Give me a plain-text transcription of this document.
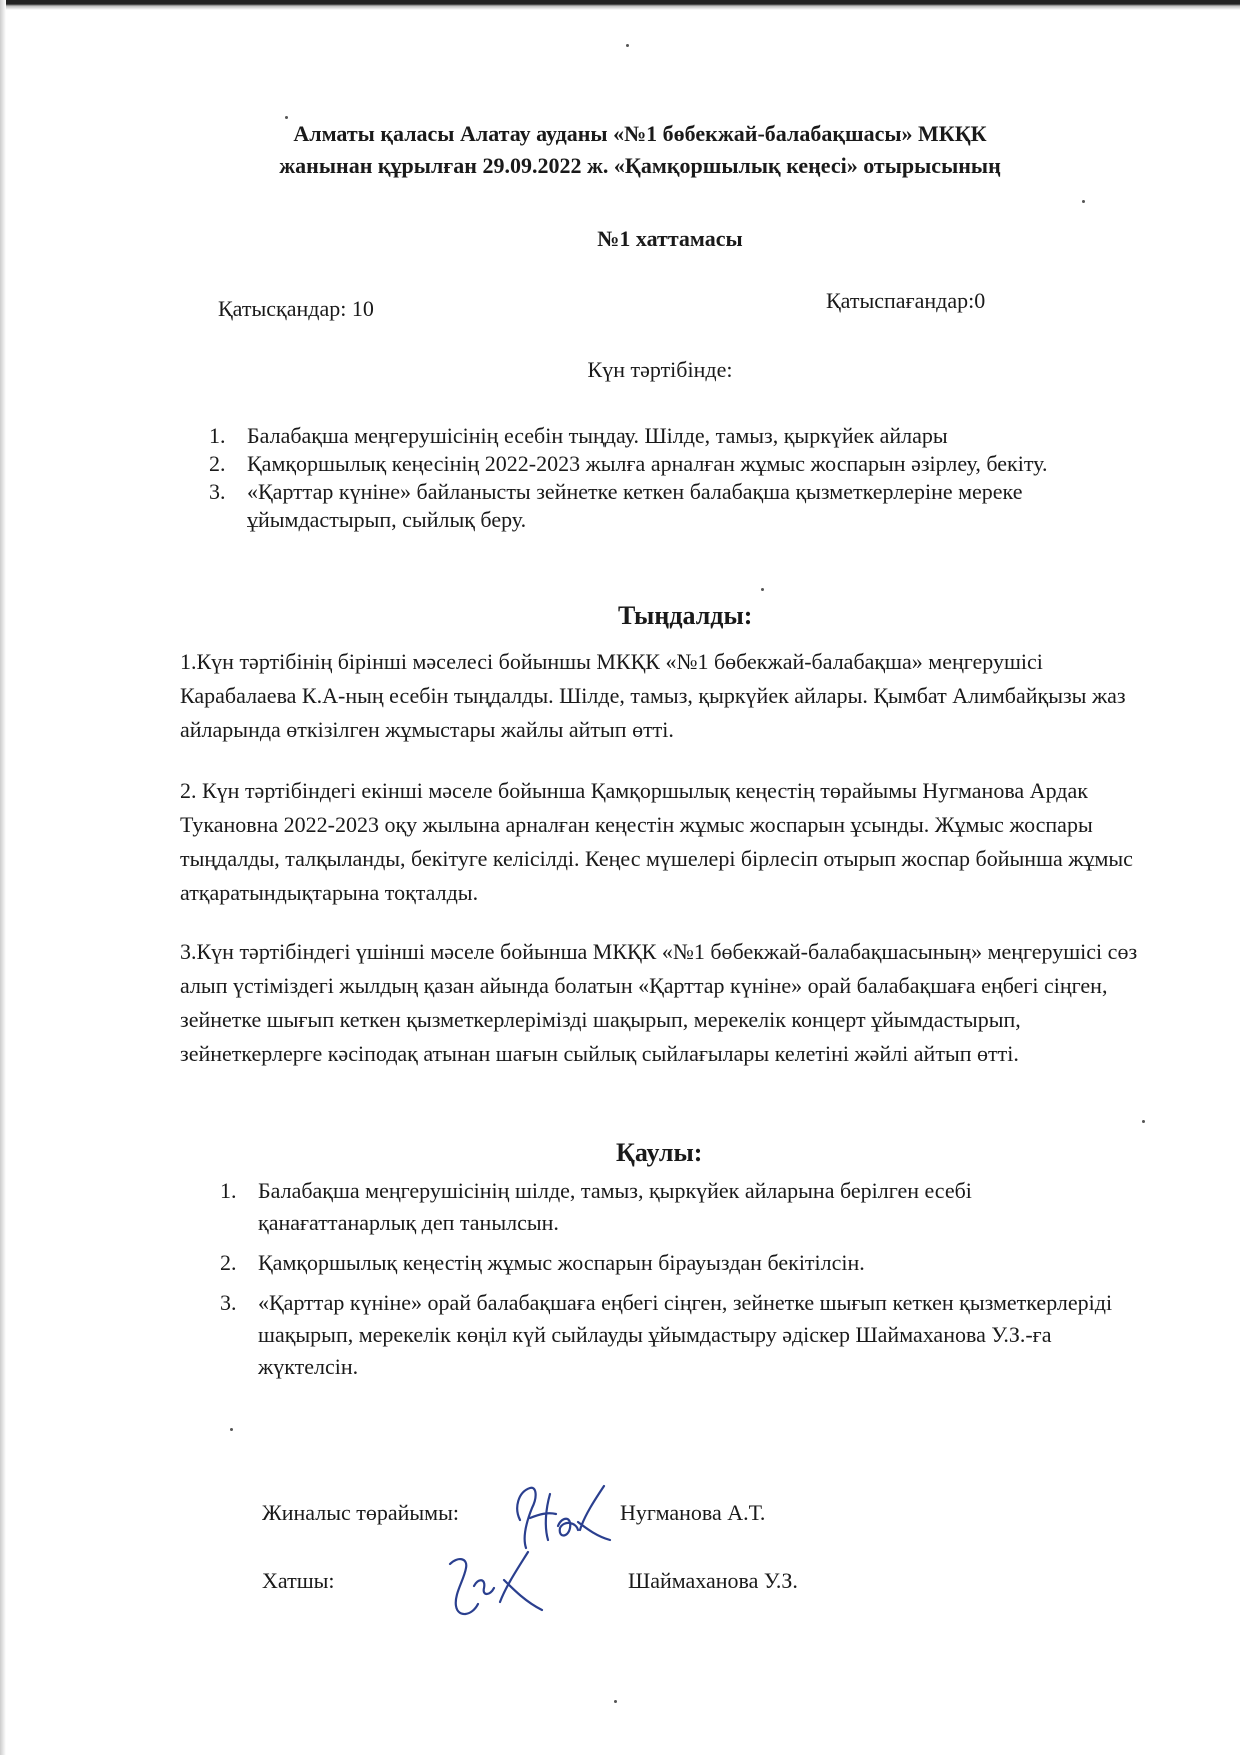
Алматы қаласы Алатау ауданы «№1 бөбекжай-балабақшасы» МКҚК
жанынан құрылған 29.09.2022 ж. «Қамқоршылық кеңесі» отырысының
№1 хаттамасы
Қатысқандар: 10	Қатыспағандар:0
Күн тәртібінде:
1. Балабақша меңгерушісінің есебін тыңдау. Шілде, тамыз, қыркүйек айлары
2. Қамқоршылық кеңесінің 2022-2023 жылға арналған жұмыс жоспарын әзірлеу, бекіту.
3. «Қарттар күніне» байланысты зейнетке кеткен балабақша қызметкерлеріне мереке ұйымдастырып, сыйлық беру.
Тыңдалды:

1.Күн тәртібінің бірінші мәселесі бойыншы МКҚК «№1 бөбекжай-балабақша» меңгерушісі Карабалаева К.А-ның есебін тыңдалды. Шілде, тамыз, қыркүйек айлары. Қымбат Алимбайқызы жаз айларында өткізілген жұмыстары жайлы айтып өтті.

2. Күн тәртібіндегі екінші мәселе бойынша Қамқоршылық кеңестің төрайымы Нугманова Ардак Тукановна 2022-2023 оқу жылына арналған кеңестін жұмыс жоспарын ұсынды. Жұмыс жоспары тыңдалды, талқыланды, бекітуге келісілді. Кеңес мүшелері бірлесіп отырып жоспар бойынша жұмыс атқаратындықтарына тоқталды.

3.Күн тәртібіндегі үшінші мәселе бойынша МКҚК «№1 бөбекжай-балабақшасының» меңгерушісі сөз алып үстіміздегі жылдың қазан айында болатын «Қарттар күніне» орай балабақшаға еңбегі сіңген, зейнетке шығып кеткен қызметкерлерімізді шақырып, мерекелік концерт ұйымдастырып, зейнеткерлерге кәсіподақ атынан шағын сыйлық сыйлағылары келетіні жәйлі айтып өтті.

Қаулы:
1. Балабақша меңгерушісінің шілде, тамыз, қыркүйек айларына берілген есебі қанағаттанарлық деп танылсын.
2. Қамқоршылық кеңестің жұмыс жоспарын бірауыздан бекітілсін.
3. «Қарттар күніне» орай балабақшаға еңбегі сіңген, зейнетке шығып кеткен қызметкерлеріді шақырып, мерекелік көңіл күй сыйлауды ұйымдастыру әдіскер Шаймаханова У.З.-ға жүктелсін.
Жиналыс төрайымы:	Нугманова А.Т.
Хатшы:	Шаймаханова У.З.
